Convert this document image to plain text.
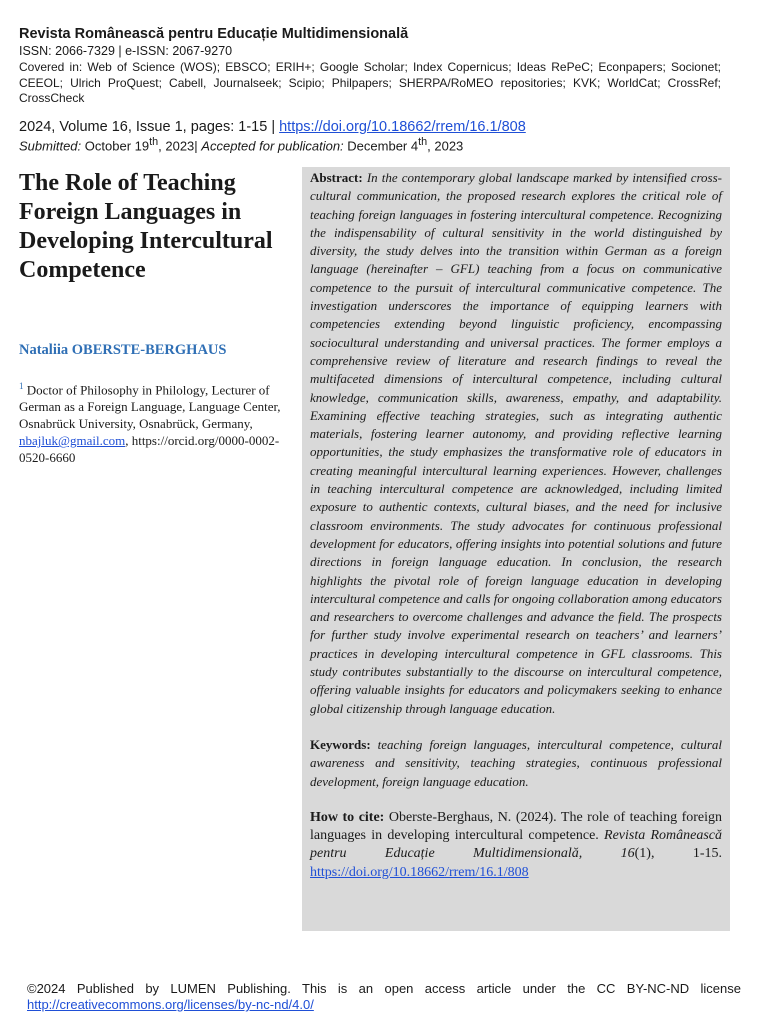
Revista Românească pentru Educație Multidimensională
ISSN: 2066-7329 | e-ISSN: 2067-9270
Covered in: Web of Science (WOS); EBSCO; ERIH+; Google Scholar; Index Copernicus; Ideas RePeC; Econpapers; Socionet; CEEOL; Ulrich ProQuest; Cabell, Journalseek; Scipio; Philpapers; SHERPA/RoMEO repositories; KVK; WorldCat; CrossRef; CrossCheck
2024, Volume 16, Issue 1, pages: 1-15 | https://doi.org/10.18662/rrem/16.1/808
Submitted: October 19th, 2023| Accepted for publication: December 4th, 2023
The Role of Teaching Foreign Languages in Developing Intercultural Competence
Nataliia OBERSTE-BERGHAUS
$^1$ Doctor of Philosophy in Philology, Lecturer of German as a Foreign Language, Language Center, Osnabrück University, Osnabrück, Germany, nbajluk@gmail.com, https://orcid.org/0000-0002-0520-6660

Abstract: In the contemporary global landscape marked by intensified cross-cultural communication, the proposed research explores the critical role of teaching foreign languages in fostering intercultural competence. Recognizing the indispensability of cultural sensitivity in the world distinguished by diversity, the study delves into the transition within German as a foreign language (hereinafter – GFL) teaching from a focus on communicative competence to the pursuit of intercultural communicative competence. The investigation underscores the importance of equipping learners with competencies extending beyond linguistic proficiency, encompassing sociocultural understanding and universal practices. The former employs a comprehensive review of literature and research findings to reveal the multifaceted dimensions of intercultural competence, including cultural knowledge, communication skills, awareness, empathy, and adaptability. Examining effective teaching strategies, such as integrating authentic materials, fostering learner autonomy, and providing reflective learning opportunities, the study emphasizes the transformative role of educators in creating meaningful intercultural learning experiences. However, challenges in teaching intercultural competence are acknowledged, including limited exposure to authentic contexts, cultural biases, and the need for inclusive classroom environments. The study advocates for continuous professional development for educators, offering insights into potential solutions and future directions in foreign language education. In conclusion, the research highlights the pivotal role of foreign language education in developing intercultural competence and calls for ongoing collaboration among educators and researchers to overcome challenges and advance the field. The prospects for further study involve experimental research on teachers’ and learners’ practices in developing intercultural competence in GFL classrooms. This study contributes substantially to the discourse on intercultural competence, offering valuable insights for educators and policymakers seeking to enhance global citizenship through language education.

Keywords: teaching foreign languages, intercultural competence, cultural awareness and sensitivity, teaching strategies, continuous professional development, foreign language education.

How to cite: Oberste-Berghaus, N. (2024). The role of teaching foreign languages in developing intercultural competence. Revista Românească pentru Educație Multidimensională, 16(1), 1-15. https://doi.org/10.18662/rrem/16.1/808

©2024 Published by LUMEN Publishing. This is an open access article under the CC BY-NC-ND license
http://creativecommons.org/licenses/by-nc-nd/4.0/
